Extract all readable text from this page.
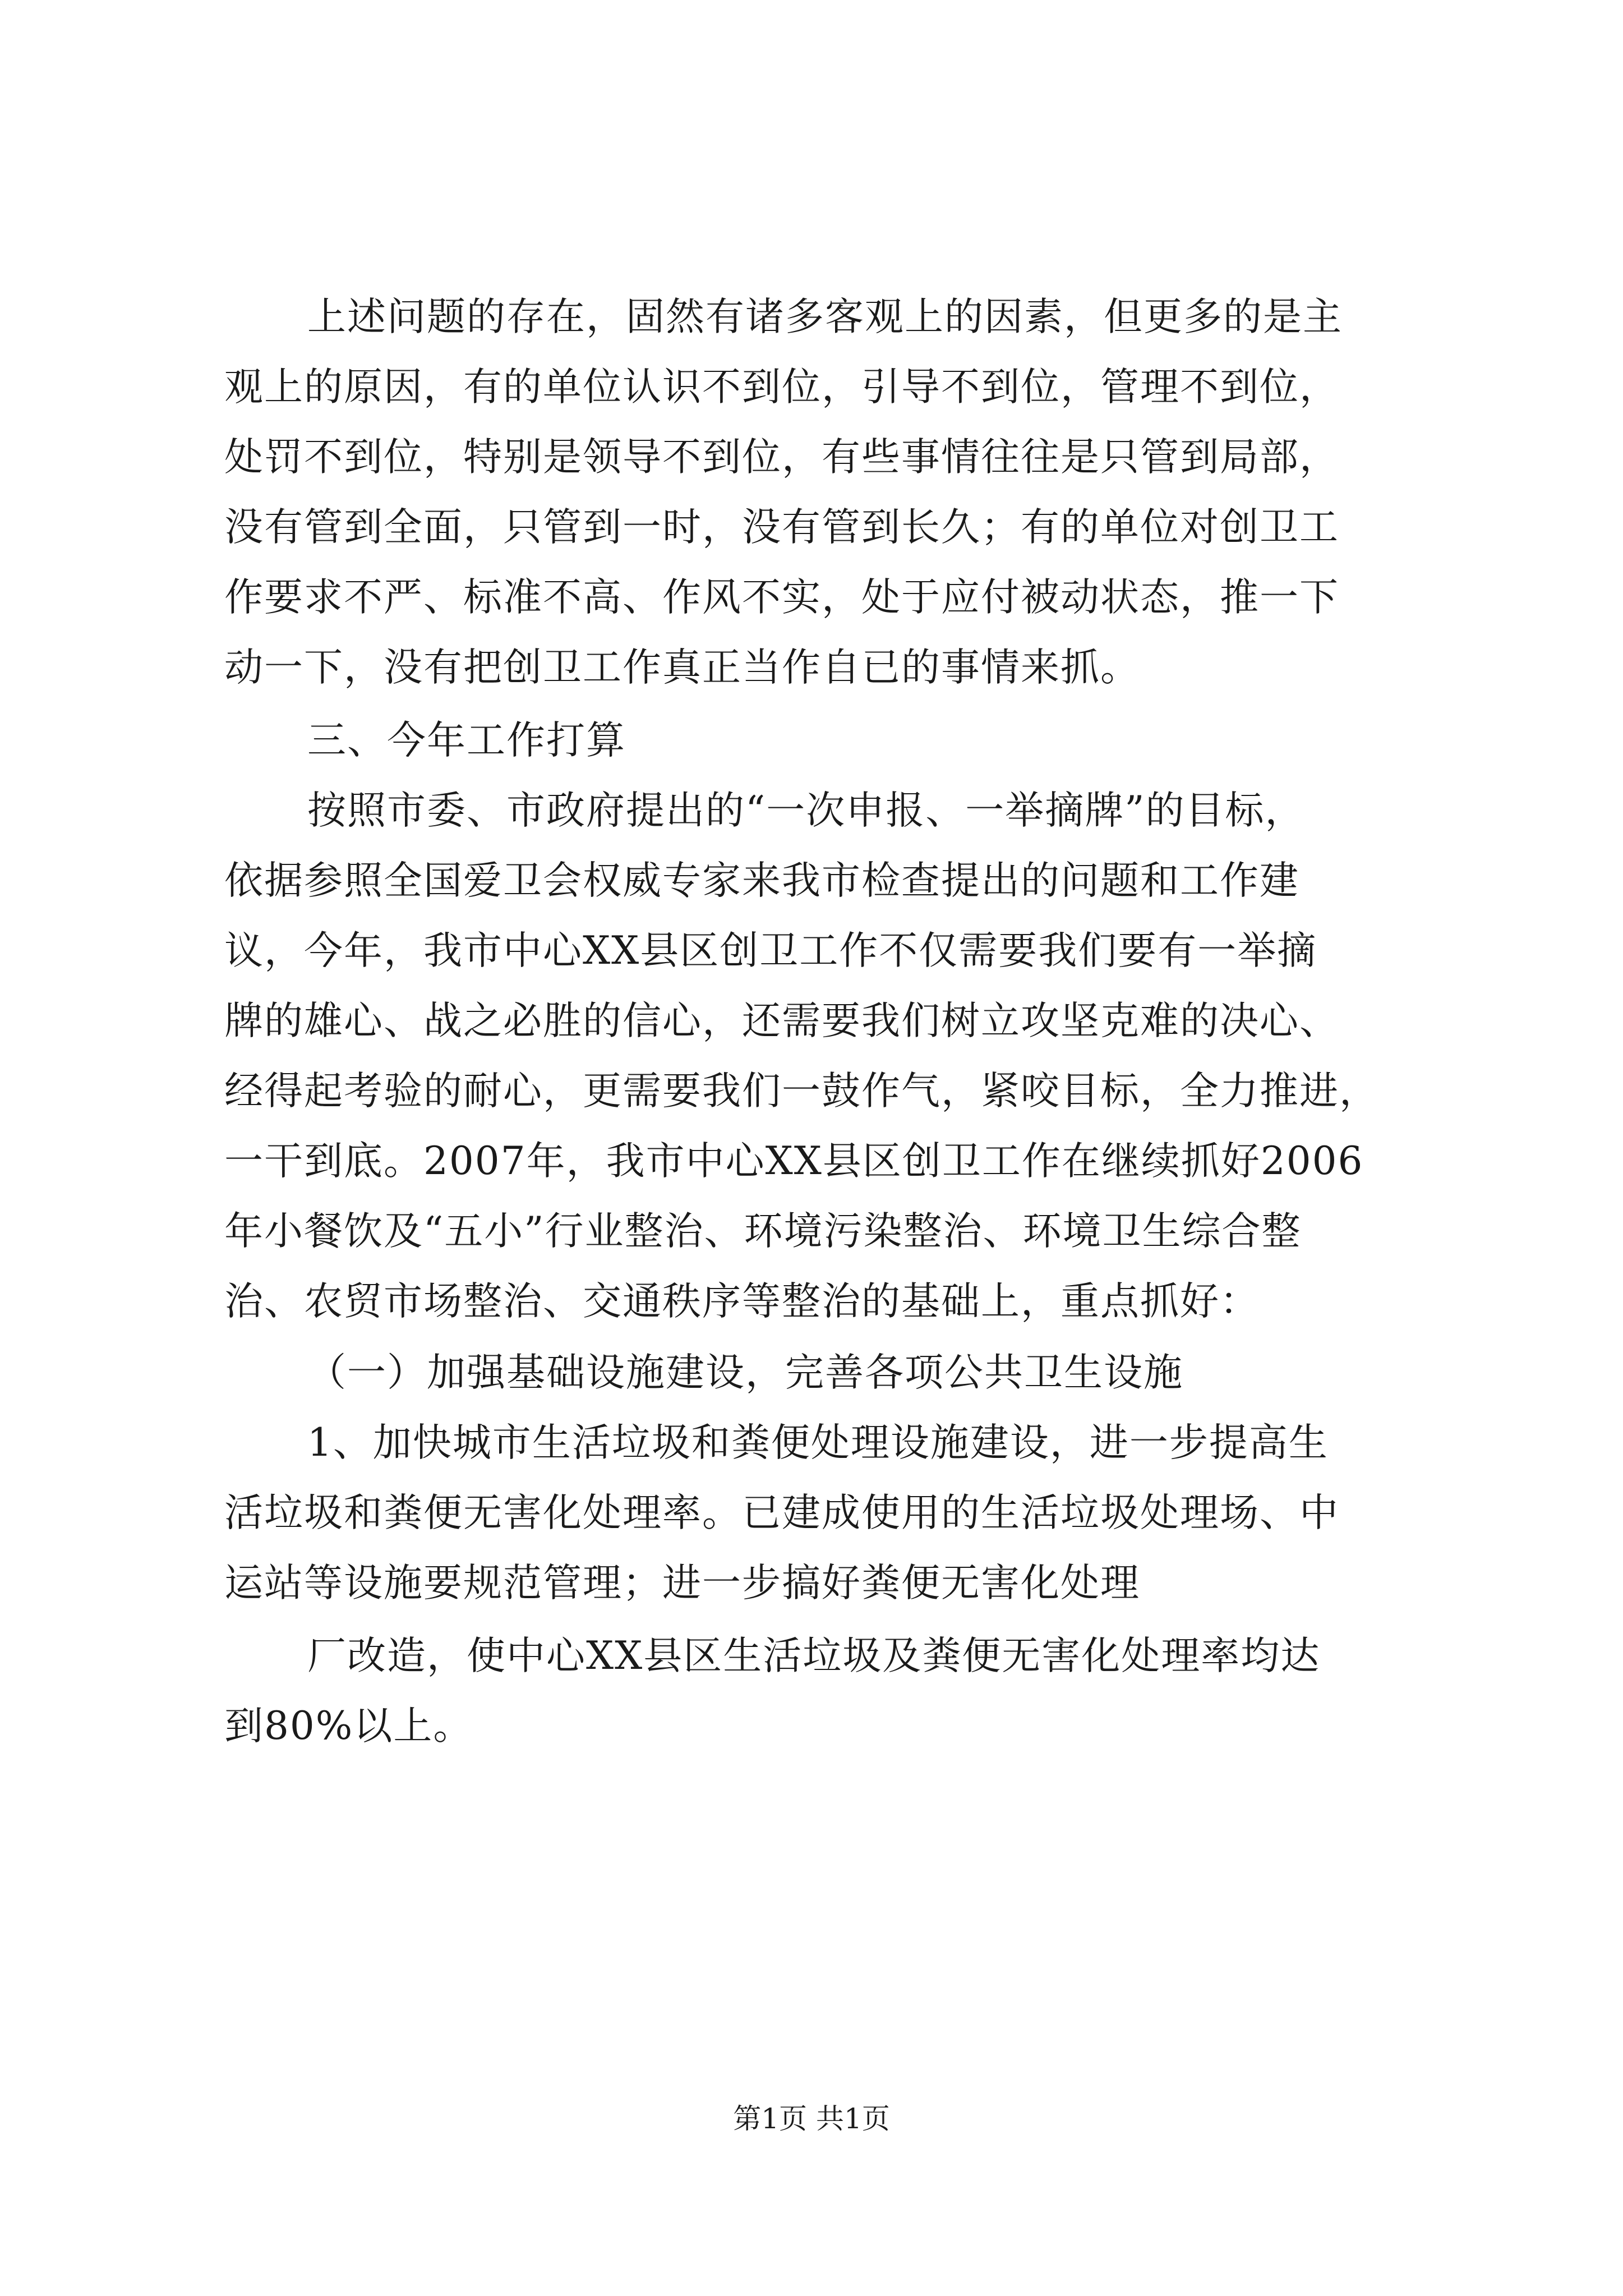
上述问题的存在，固然有诸多客观上的因素，但更多的是主
观上的原因，有的单位认识不到位，引导不到位，管理不到位，
处罚不到位，特别是领导不到位，有些事情往往是只管到局部，
没有管到全面，只管到一时，没有管到长久；有的单位对创卫工
作要求不严、标准不高、作风不实，处于应付被动状态，推一下
动一下，没有把创卫工作真正当作自已的事情来抓。
三、今年工作打算
按照市委、市政府提出的“一次申报、一举摘牌”的目标，
依据参照全国爱卫会权威专家来我市检查提出的问题和工作建
议，今年，我市中心XX县区创卫工作不仅需要我们要有一举摘
牌的雄心、战之必胜的信心，还需要我们树立攻坚克难的决心、
经得起考验的耐心，更需要我们一鼓作气，紧咬目标，全力推进，
一干到底。2007年，我市中心XX县区创卫工作在继续抓好2006
年小餐饮及“五小”行业整治、环境污染整治、环境卫生综合整
治、农贸市场整治、交通秩序等整治的基础上，重点抓好：
（一）加强基础设施建设，完善各项公共卫生设施
1、加快城市生活垃圾和粪便处理设施建设，进一步提高生
活垃圾和粪便无害化处理率。已建成使用的生活垃圾处理场、中
运站等设施要规范管理；进一步搞好粪便无害化处理
厂改造，使中心XX县区生活垃圾及粪便无害化处理率均达
到80%以上。
第1页 共1页
